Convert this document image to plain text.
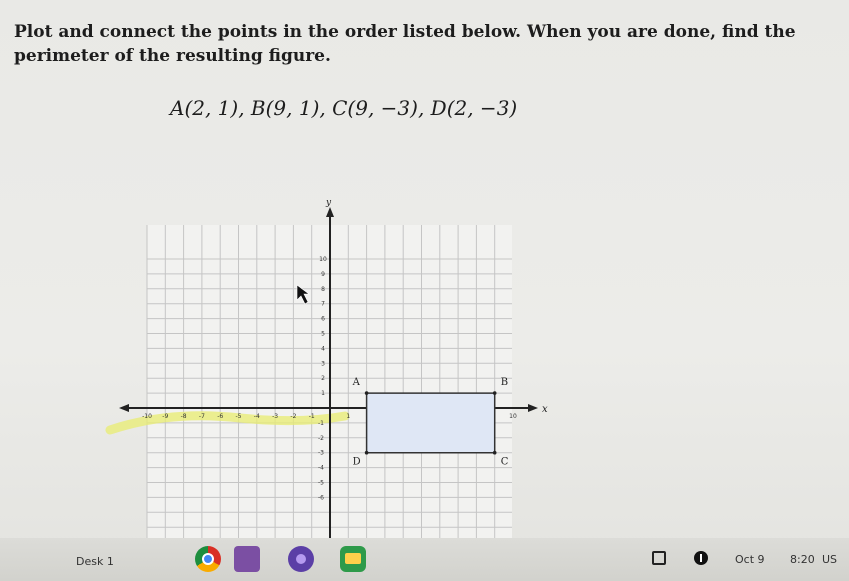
Plot and connect the points in the order listed below. When you are done, find the perimeter of the resulting figure.

A(2, 1), B(9, 1), C(9, −3), D(2, −3)
x
y
-10 -9 -8 -7 -6 -5 -4 -3 -2 -1	1	10
1
2
3
4
5
6
7
8
9
10
-1
-2
-3
-4
-5
-6
A	B
C
D
Desk 1	Oct 9 8:20 US
